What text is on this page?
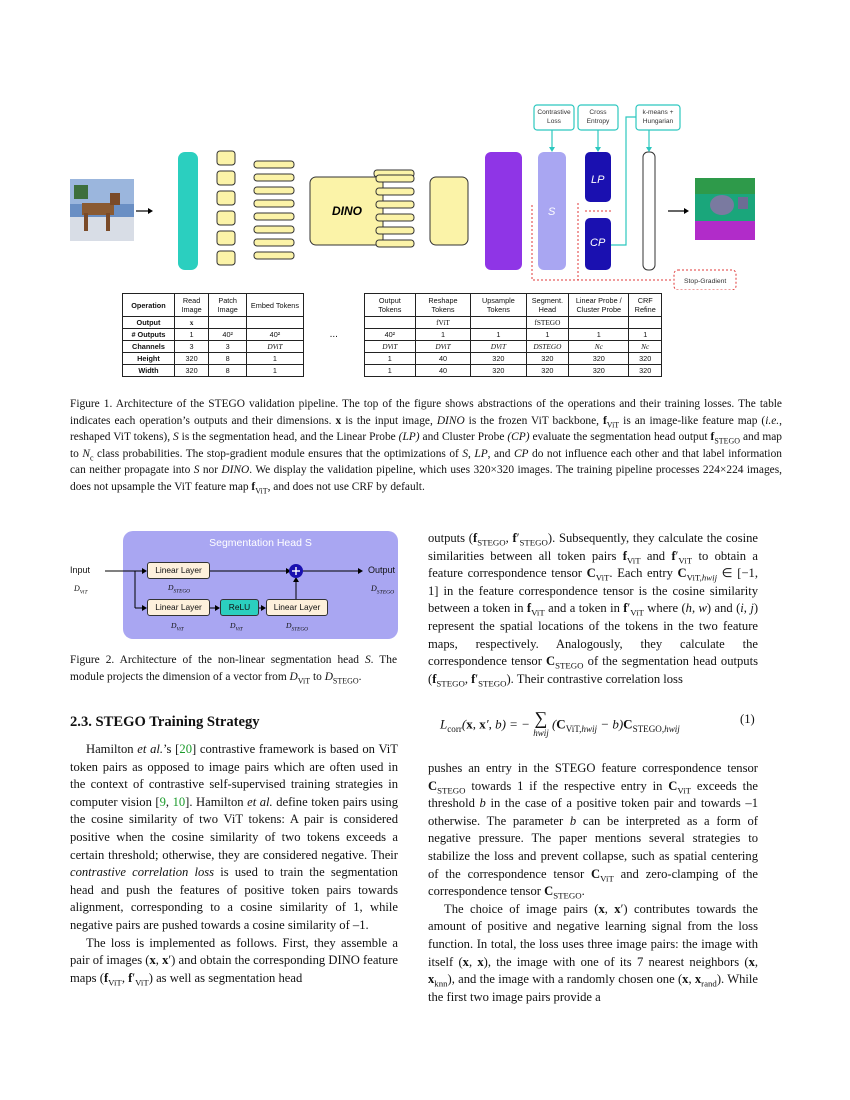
DINO	S
LP
CP
Stop-Gradient
Contrastive Loss
Cross Entropy
k-means + Hungarian
Operation	Read Image	Patch Image	Embed Tokens		Output Tokens	Reshape Tokens	Upsample Tokens	Segment. Head	Linear Probe / Cluster Probe	CRF Refine
Output	x					fViT		fSTEGO		
# Outputs	1	40²	40²	...	40²	1	1	1	1	1
Channels	3	3	DViT		DViT	DViT	DViT	DSTEGO	Nc	Nc
Height	320	8	1		1	40	320	320	320	320
Width	320	8	1		1	40	320	320	320	320
Figure 1. Architecture of the STEGO validation pipeline. The top of the figure shows abstractions of the operations and their training losses. The table indicates each operation’s outputs and their dimensions. x is the input image, DINO is the frozen ViT backbone, $f_{ViT}$ is an image-like feature map (i.e., reshaped ViT tokens), S is the segmentation head, and the Linear Probe (LP) and Cluster Probe (CP) evaluate the segmentation head output $f_{STEGO}$ and map to $N_c$ class probabilities. The stop-gradient module ensures that the optimizations of S, LP, and CP do not influence each other and that label information can neither propagate into S nor DINO. We display the validation pipeline, which uses 320×320 images. The training pipeline processes 224×224 images, does not upsample the ViT feature map $f_{ViT}$, and does not use CRF by default.
Segmentation Head S
Input
$D_{ViT}$
Output
$D_{STEGO}$
Linear Layer
$D_{STEGO}$
Linear Layer
$D_{ViT}$
ReLU
$D_{ViT}$
Linear Layer
$D_{STEGO}$
Figure 2. Architecture of the non-linear segmentation head S. The module projects the dimension of a vector from $D_{ViT}$ to $D_{STEGO}$.
2.3. STEGO Training Strategy

Hamilton et al.’s [20] contrastive framework is based on ViT token pairs as opposed to image pairs which are often used in the context of contrastive self-supervised training strategies in computer vision [9, 10]. Hamilton et al. define token pairs using the cosine similarity of two ViT tokens: A pair is considered positive when the cosine similarity of two tokens exceeds a certain threshold; otherwise, they are considered negative. Their contrastive correlation loss is used to train the segmentation head and push the features of positive token pairs towards alignment, corresponding to a cosine similarity of 1, while negative pairs are pushed towards a cosine similarity of –1.

The loss is implemented as follows. First, they assemble a pair of images (x, x′) and obtain the corresponding DINO feature maps ($f_{ViT}$, $f'_{ViT}$) as well as segmentation head

outputs ($f_{STEGO}$, $f'_{STEGO}$). Subsequently, they calculate the cosine similarities between all token pairs $f_{ViT}$ and $f'_{ViT}$ to obtain a feature correspondence tensor $C_{ViT}$. Each entry $C_{ViT,hwij}$ ∈ [−1, 1] in the feature correspondence tensor is the cosine similarity between a token in $f_{ViT}$ and a token in $f'_{ViT}$ where (h, w) and (i, j) represent the spatial locations of the tokens in the two feature maps, respectively. Analogously, they calculate the correspondence tensor $C_{STEGO}$ of the segmentation head outputs ($f_{STEGO}$, $f'_{STEGO}$). Their contrastive correlation loss

$L_{corr}(x$, x′, b) = − ∑
hwij $(C_{ViT,hwij} - b)C_{STEGO,hwij}$
(1)

pushes an entry in the STEGO feature correspondence tensor $C_{STEGO}$ towards 1 if the respective entry in $C_{ViT}$ exceeds the threshold b in the case of a positive token pair and towards –1 otherwise. The parameter b can be interpreted as a form of negative pressure. The paper mentions several strategies to stabilize the loss and prevent collapse, such as spatial centering of the correspondence tensor $C_{ViT}$ and zero-clamping of the correspondence tensor $C_{STEGO}$.

The choice of image pairs (x, x′) contributes towards the amount of positive and negative learning signal from the loss function. In total, the loss uses three image pairs: the image with itself (x, x), the image with one of its 7 nearest neighbors (x, $x_{knn}$), and the image with a randomly chosen one (x, $x_{rand}$). While the first two image pairs provide a
